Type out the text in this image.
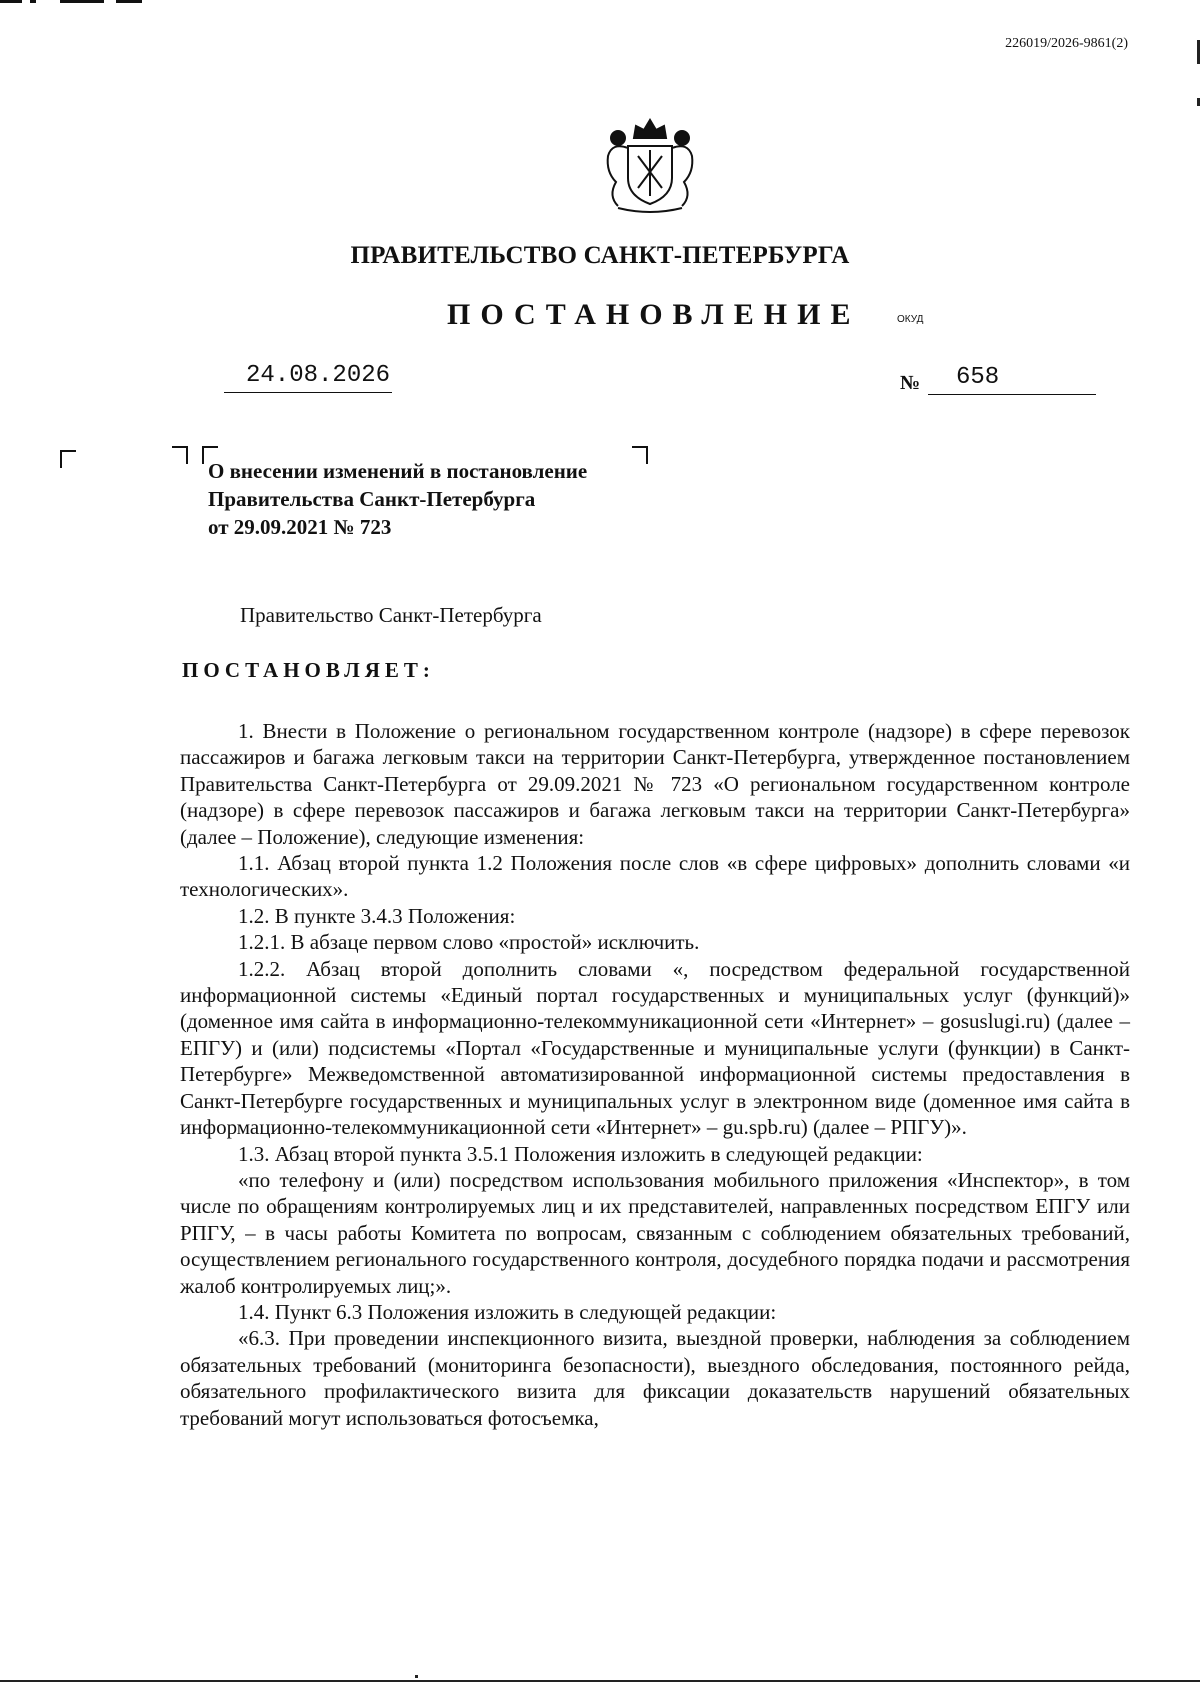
226019/2026-9861(2)
ПРАВИТЕЛЬСТВО САНКТ-ПЕТЕРБУРГА
ПОСТАНОВЛЕНИЕ	ОКУД
24.08.2026	№	658
О внесении изменений в постановление
Правительства Санкт-Петербурга
от 29.09.2021 № 723
Правительство Санкт-Петербурга
ПОСТАНОВЛЯЕТ:

1. Внести в Положение о региональном государственном контроле (надзоре) в сфере перевозок пассажиров и багажа легковым такси на территории Санкт-Петербурга, утвержденное постановлением Правительства Санкт-Петербурга от 29.09.2021 № 723 «О региональном государственном контроле (надзоре) в сфере перевозок пассажиров и багажа легковым такси на территории Санкт-Петербурга» (далее – Положение), следующие изменения:

1.1. Абзац второй пункта 1.2 Положения после слов «в сфере цифровых» дополнить словами «и технологических».

1.2. В пункте 3.4.3 Положения:

1.2.1. В абзаце первом слово «простой» исключить.

1.2.2. Абзац второй дополнить словами «, посредством федеральной государственной информационной системы «Единый портал государственных и муниципальных услуг (функций)» (доменное имя сайта в информационно-телекоммуникационной сети «Интернет» – gosuslugi.ru) (далее – ЕПГУ) и (или) подсистемы «Портал «Государственные и муниципальные услуги (функции) в Санкт-Петербурге» Межведомственной автоматизированной информационной системы предоставления в Санкт-Петербурге государственных и муниципальных услуг в электронном виде (доменное имя сайта в информационно-телекоммуникационной сети «Интернет» – gu.spb.ru) (далее – РПГУ)».

1.3. Абзац второй пункта 3.5.1 Положения изложить в следующей редакции:

«по телефону и (или) посредством использования мобильного приложения «Инспектор», в том числе по обращениям контролируемых лиц и их представителей, направленных посредством ЕПГУ или РПГУ, – в часы работы Комитета по вопросам, связанным с соблюдением обязательных требований, осуществлением регионального государственного контроля, досудебного порядка подачи и рассмотрения жалоб контролируемых лиц;».

1.4. Пункт 6.3 Положения изложить в следующей редакции:

«6.3. При проведении инспекционного визита, выездной проверки, наблюдения за соблюдением обязательных требований (мониторинга безопасности), выездного обследования, постоянного рейда, обязательного профилактического визита для фиксации доказательств нарушений обязательных требований могут использоваться фотосъемка,
